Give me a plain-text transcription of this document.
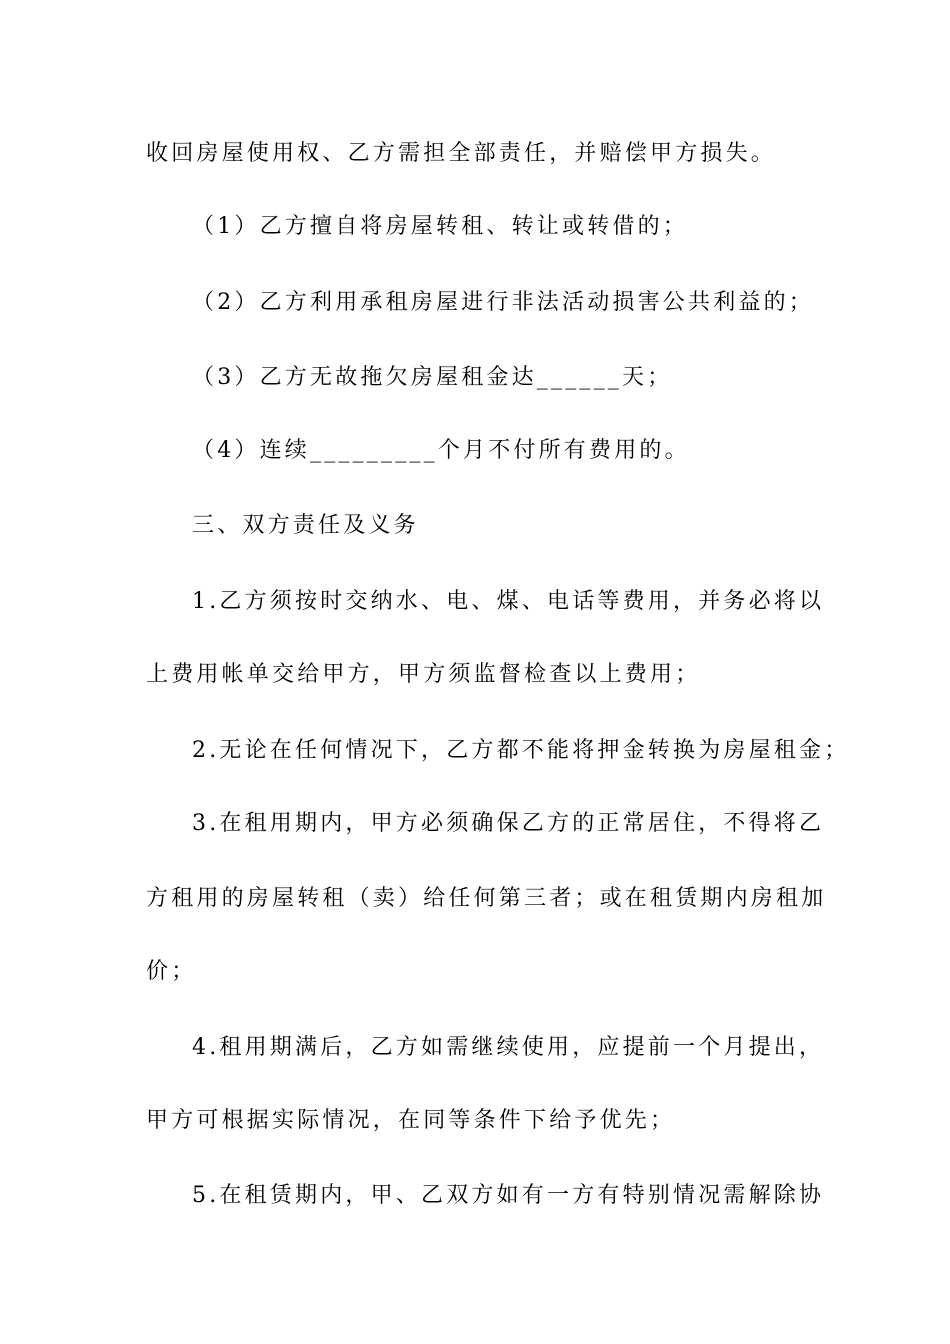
收回房屋使用权、乙方需担全部责任，并赔偿甲方损失。
（1）乙方擅自将房屋转租、转让或转借的；
（2）乙方利用承租房屋进行非法活动损害公共利益的；
（3）乙方无故拖欠房屋租金达______天；
（4）连续_________个月不付所有费用的。
三、双方责任及义务
1.乙方须按时交纳水、电、煤、电话等费用，并务必将以
上费用帐单交给甲方，甲方须监督检查以上费用；
2.无论在任何情况下，乙方都不能将押金转换为房屋租金；
3.在租用期内，甲方必须确保乙方的正常居住，不得将乙
方租用的房屋转租（卖）给任何第三者；或在租赁期内房租加
价；
4.租用期满后，乙方如需继续使用，应提前一个月提出，
甲方可根据实际情况，在同等条件下给予优先；
5.在租赁期内，甲、乙双方如有一方有特别情况需解除协
